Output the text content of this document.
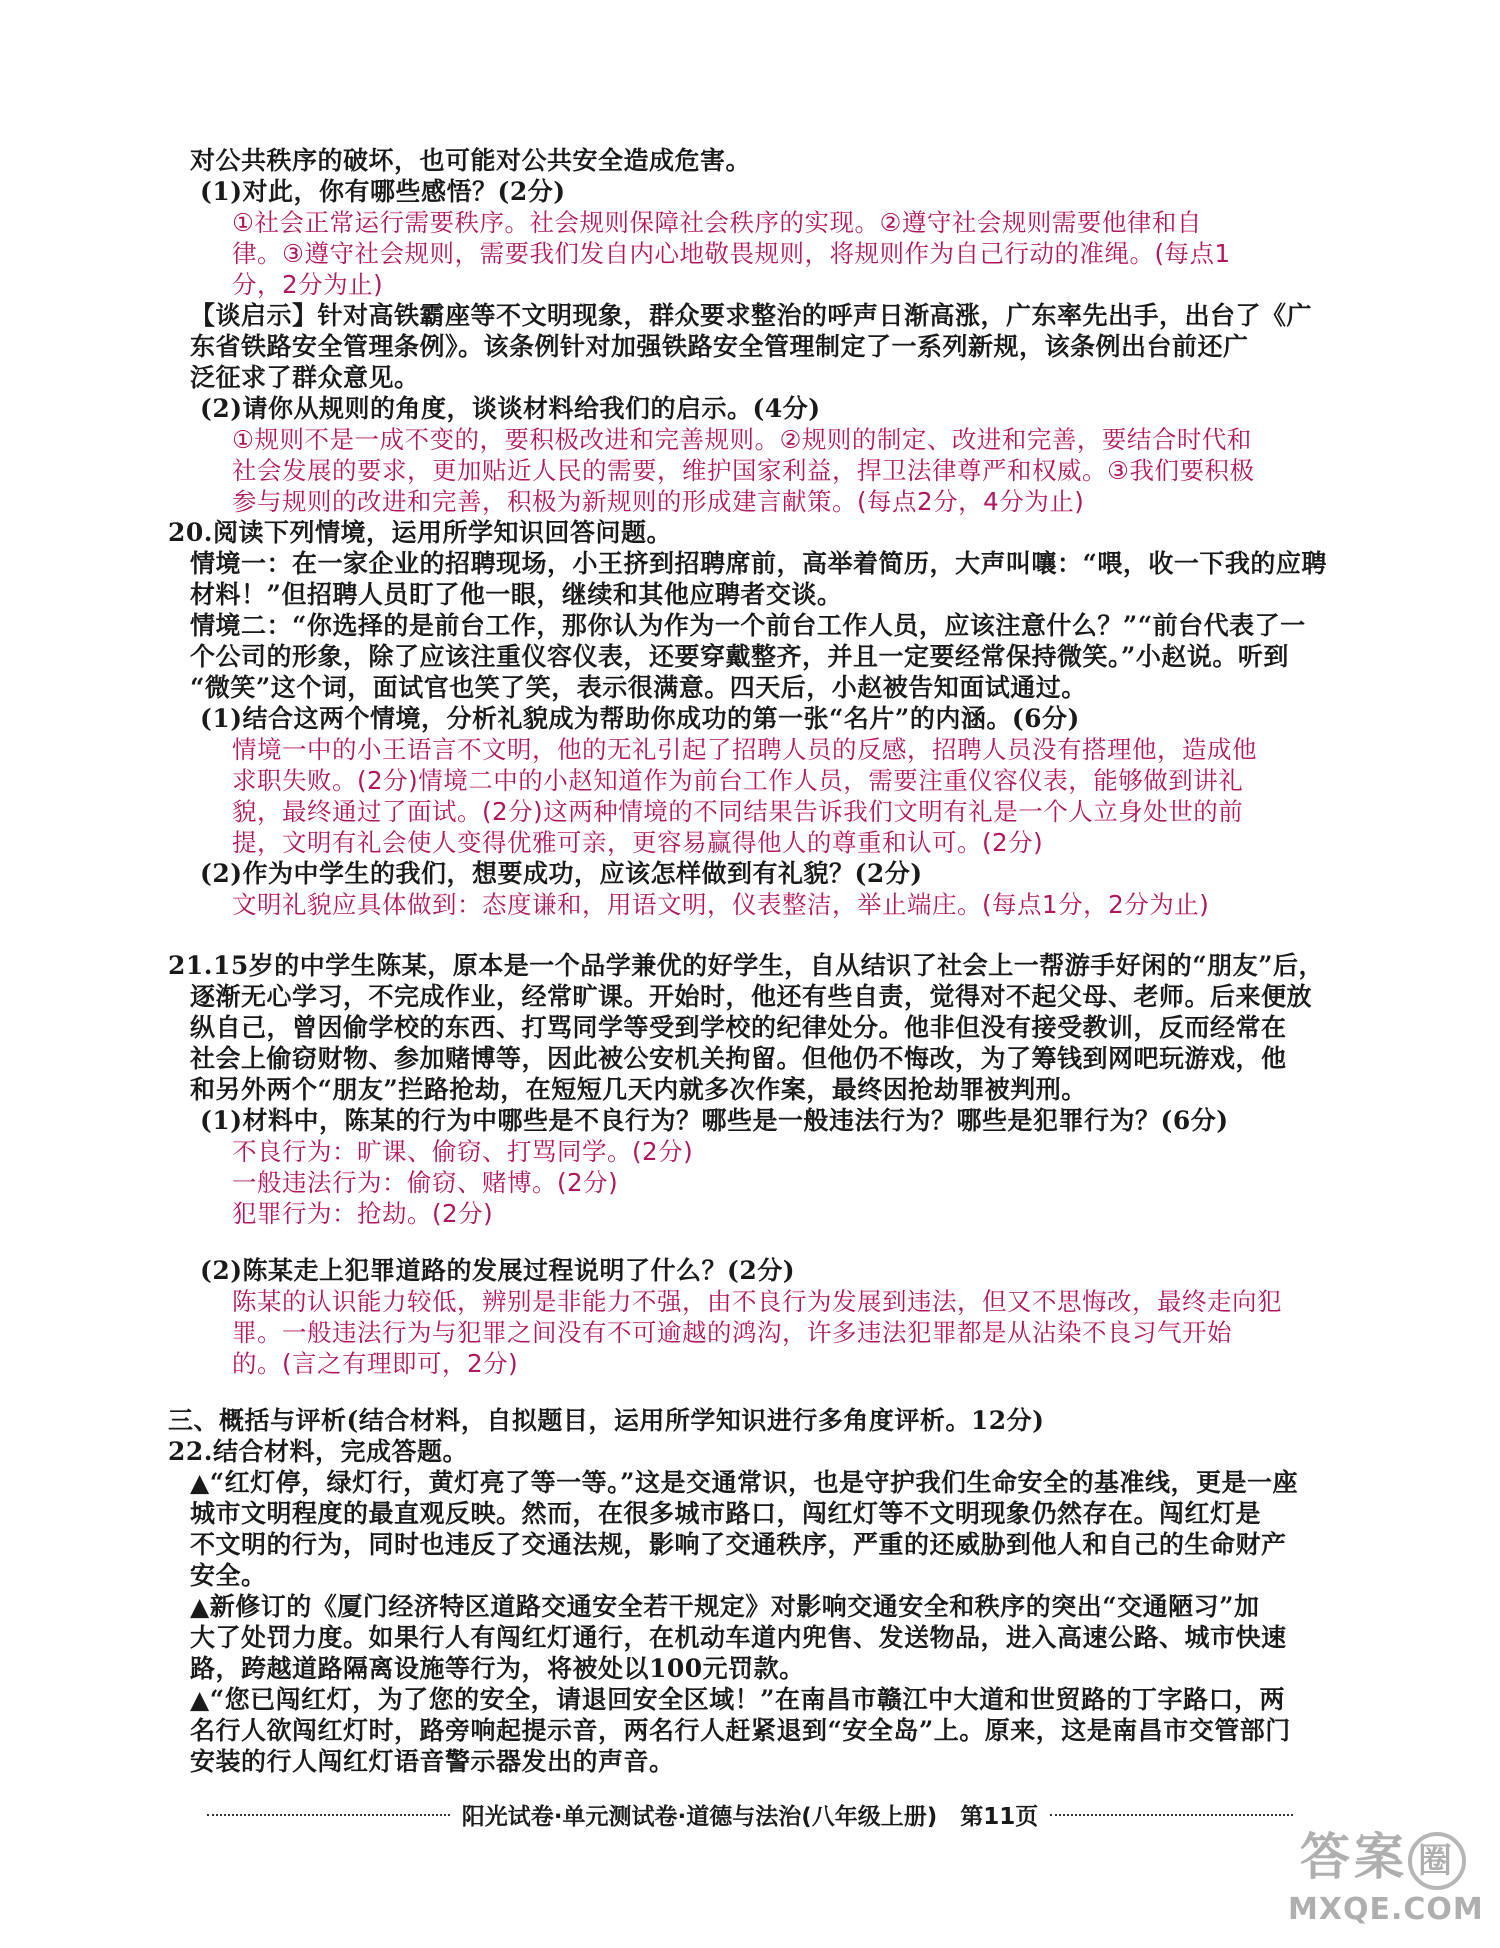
对公共秩序的破坏，也可能对公共安全造成危害。
(1)对此，你有哪些感悟？(2分)
①社会正常运行需要秩序。社会规则保障社会秩序的实现。②遵守社会规则需要他律和自
律。③遵守社会规则，需要我们发自内心地敬畏规则，将规则作为自己行动的准绳。(每点1
分，2分为止)
【谈启示】针对高铁霸座等不文明现象，群众要求整治的呼声日渐高涨，广东率先出手，出台了《广
东省铁路安全管理条例》。该条例针对加强铁路安全管理制定了一系列新规，该条例出台前还广
泛征求了群众意见。
(2)请你从规则的角度，谈谈材料给我们的启示。(4分)
①规则不是一成不变的，要积极改进和完善规则。②规则的制定、改进和完善，要结合时代和
社会发展的要求，更加贴近人民的需要，维护国家利益，捍卫法律尊严和权威。③我们要积极
参与规则的改进和完善，积极为新规则的形成建言献策。(每点2分，4分为止)
20.阅读下列情境，运用所学知识回答问题。
情境一：在一家企业的招聘现场，小王挤到招聘席前，高举着简历，大声叫嚷：“喂，收一下我的应聘
材料！”但招聘人员盯了他一眼，继续和其他应聘者交谈。
情境二：“你选择的是前台工作，那你认为作为一个前台工作人员，应该注意什么？”“前台代表了一
个公司的形象，除了应该注重仪容仪表，还要穿戴整齐，并且一定要经常保持微笑。”小赵说。听到
“微笑”这个词，面试官也笑了笑，表示很满意。四天后，小赵被告知面试通过。
(1)结合这两个情境，分析礼貌成为帮助你成功的第一张“名片”的内涵。(6分)
情境一中的小王语言不文明，他的无礼引起了招聘人员的反感，招聘人员没有搭理他，造成他
求职失败。(2分)情境二中的小赵知道作为前台工作人员，需要注重仪容仪表，能够做到讲礼
貌，最终通过了面试。(2分)这两种情境的不同结果告诉我们文明有礼是一个人立身处世的前
提，文明有礼会使人变得优雅可亲，更容易赢得他人的尊重和认可。(2分)
(2)作为中学生的我们，想要成功，应该怎样做到有礼貌？(2分)
文明礼貌应具体做到：态度谦和，用语文明，仪表整洁，举止端庄。(每点1分，2分为止)
21.15岁的中学生陈某，原本是一个品学兼优的好学生，自从结识了社会上一帮游手好闲的“朋友”后，
逐渐无心学习，不完成作业，经常旷课。开始时，他还有些自责，觉得对不起父母、老师。后来便放
纵自己，曾因偷学校的东西、打骂同学等受到学校的纪律处分。他非但没有接受教训，反而经常在
社会上偷窃财物、参加赌博等，因此被公安机关拘留。但他仍不悔改，为了筹钱到网吧玩游戏，他
和另外两个“朋友”拦路抢劫，在短短几天内就多次作案，最终因抢劫罪被判刑。
(1)材料中，陈某的行为中哪些是不良行为？哪些是一般违法行为？哪些是犯罪行为？(6分)
不良行为：旷课、偷窃、打骂同学。(2分)
一般违法行为：偷窃、赌博。(2分)
犯罪行为：抢劫。(2分)
(2)陈某走上犯罪道路的发展过程说明了什么？(2分)
陈某的认识能力较低，辨别是非能力不强，由不良行为发展到违法，但又不思悔改，最终走向犯
罪。一般违法行为与犯罪之间没有不可逾越的鸿沟，许多违法犯罪都是从沾染不良习气开始
的。(言之有理即可，2分)
三、概括与评析(结合材料，自拟题目，运用所学知识进行多角度评析。12分)
22.结合材料，完成答题。
▲“红灯停，绿灯行，黄灯亮了等一等。”这是交通常识，也是守护我们生命安全的基准线，更是一座
城市文明程度的最直观反映。然而，在很多城市路口，闯红灯等不文明现象仍然存在。闯红灯是
不文明的行为，同时也违反了交通法规，影响了交通秩序，严重的还威胁到他人和自己的生命财产
安全。
▲新修订的《厦门经济特区道路交通安全若干规定》对影响交通安全和秩序的突出“交通陋习”加
大了处罚力度。如果行人有闯红灯通行，在机动车道内兜售、发送物品，进入高速公路、城市快速
路，跨越道路隔离设施等行为，将被处以100元罚款。
▲“您已闯红灯，为了您的安全，请退回安全区域！”在南昌市赣江中大道和世贸路的丁字路口，两
名行人欲闯红灯时，路旁响起提示音，两名行人赶紧退到“安全岛”上。原来，这是南昌市交管部门
安装的行人闯红灯语音警示器发出的声音。
阳光试卷·单元测试卷·道德与法治(八年级上册)　第11页
答案 圈
MXQE.COM
